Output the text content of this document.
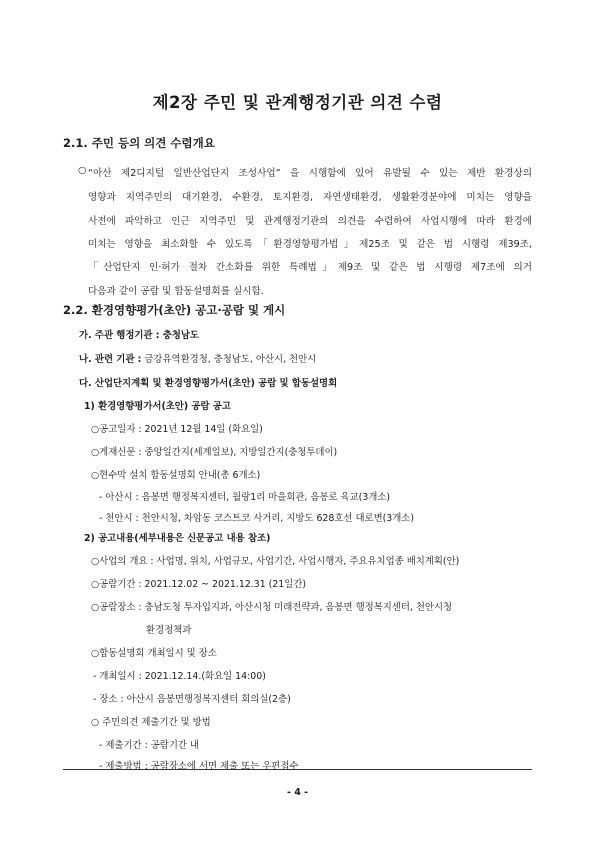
제2장 주민 및 관계행정기관 의견 수렴
2.1. 주민 등의 의견 수렴개요
○ “아산 제2디지털 일반산업단지 조성사업” 을 시행함에 있어 유발될 수 있는 제반 환경상의
영향과 지역주민의 대기환경, 수환경, 토지환경, 자연생태환경, 생활환경분야에 미치는 영향을
사전에 파악하고 인근 지역주민 및 관계행정기관의 의견을 수렴하여 사업시행에 따라 환경에
미치는 영향을 최소화할 수 있도록「환경영향평가법」제25조 및 같은 법 시행령 제39조,
「산업단지 인·허가 절차 간소화를 위한 특례법」제9조 및 같은 법 시행령 제7조에 의거
다음과 같이 공람 및 합동설명회를 실시함.
2.2. 환경영향평가(초안) 공고·공람 및 게시
가. 주관 행정기관 : 충청남도
나. 관련 기관 : 금강유역환경청, 충청남도, 아산시, 천안시
다. 산업단지계획 및 환경영향평가서(초안) 공람 및 합동설명회
1) 환경영향평가서(초안) 공람 공고
○공고일자 : 2021년 12월 14일 (화요일)
○게재신문 : 중앙일간지(세계일보), 지방일간지(충청투데이)
○현수막 설치 합동설명회 안내(총 6개소)
- 아산시 : 음봉면 행정복지센터, 월랑1리 마을회관, 음봉로 육교(3개소)
- 천안시 : 천안시청, 차암동 코스트코 사거리, 지방도 628호선 대로변(3개소)
2) 공고내용(세부내용은 신문공고 내용 참조)
○사업의 개요 : 사업명, 위치, 사업규모, 사업기간, 사업시행자, 주요유치업종 배치계획(안)
○공람기간 : 2021.12.02 ~ 2021.12.31 (21일간)
○공람장소 : 충남도청 투자입지과, 아산시청 미래전략과, 음봉면 행정복지센터, 천안시청
환경정책과
○합동설명회 개최일시 및 장소
- 개최일시 : 2021.12.14.(화요일 14:00)
- 장소 : 아산시 음봉면행정복지센터 회의실(2층)
○ 주민의견 제출기간 및 방법
- 제출기간 : 공람기간 내
- 제출방법 : 공람장소에 서면 제출 또는 우편접수
- 4 -
